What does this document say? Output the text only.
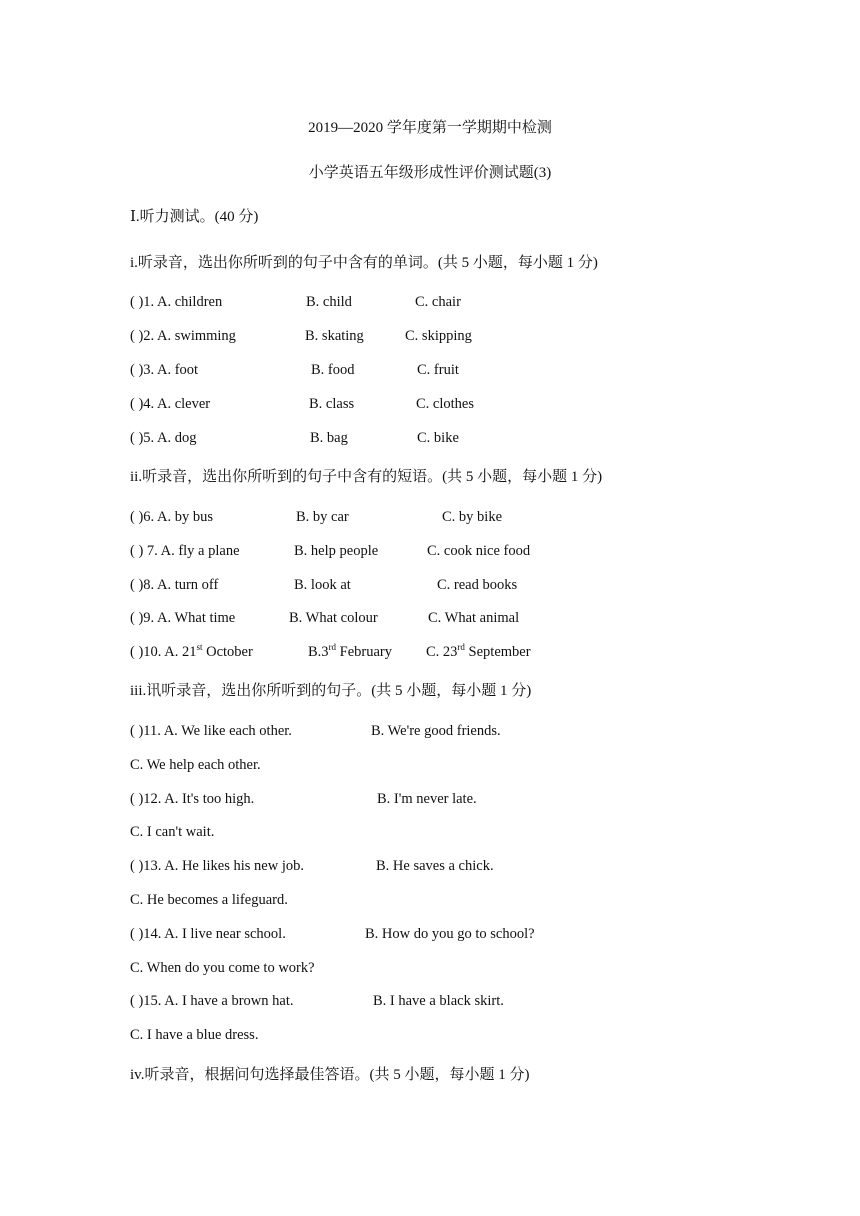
2019—2020 学年度第一学期期中检测
小学英语五年级形成性评价测试题(3)
Ⅰ.听力测试。(40 分)
i.听录音，选出你所听到的句子中含有的单词。(共 5 小题，每小题 1 分)
( )1. A. children	B. child	C. chair
( )2. A. swimming	B. skating	C. skipping
( )3. A. foot	B. food	C. fruit
( )4. A. clever	B. class	C. clothes
( )5. A. dog	B. bag	C. bike
ii.听录音，选出你所听到的句子中含有的短语。(共 5 小题，每小题 1 分)
( )6. A. by bus	B. by car	C. by bike
( ) 7. A. fly a plane	B. help people	C. cook nice food
( )8. A. turn off	B. look at	C. read books
( )9. A. What time	B. What colour	C. What animal
( )10. A. 21st October	B.3rd February C. 23rd September
iii.讯听录音，选出你所听到的句子。(共 5 小题，每小题 1 分)
( )11. A. We like each other.	B. We're good friends.
C. We help each other.
( )12. A. It's too high.	B. I'm never late.
C. I can't wait.
( )13. A. He likes his new job.	B. He saves a chick.
C. He becomes a lifeguard.
( )14. A. I live near school.	B. How do you go to school?
C. When do you come to work?
( )15. A. I have a brown hat.	B. I have a black skirt.
C. I have a blue dress.
iv.听录音，根据问句选择最佳答语。(共 5 小题，每小题 1 分)
